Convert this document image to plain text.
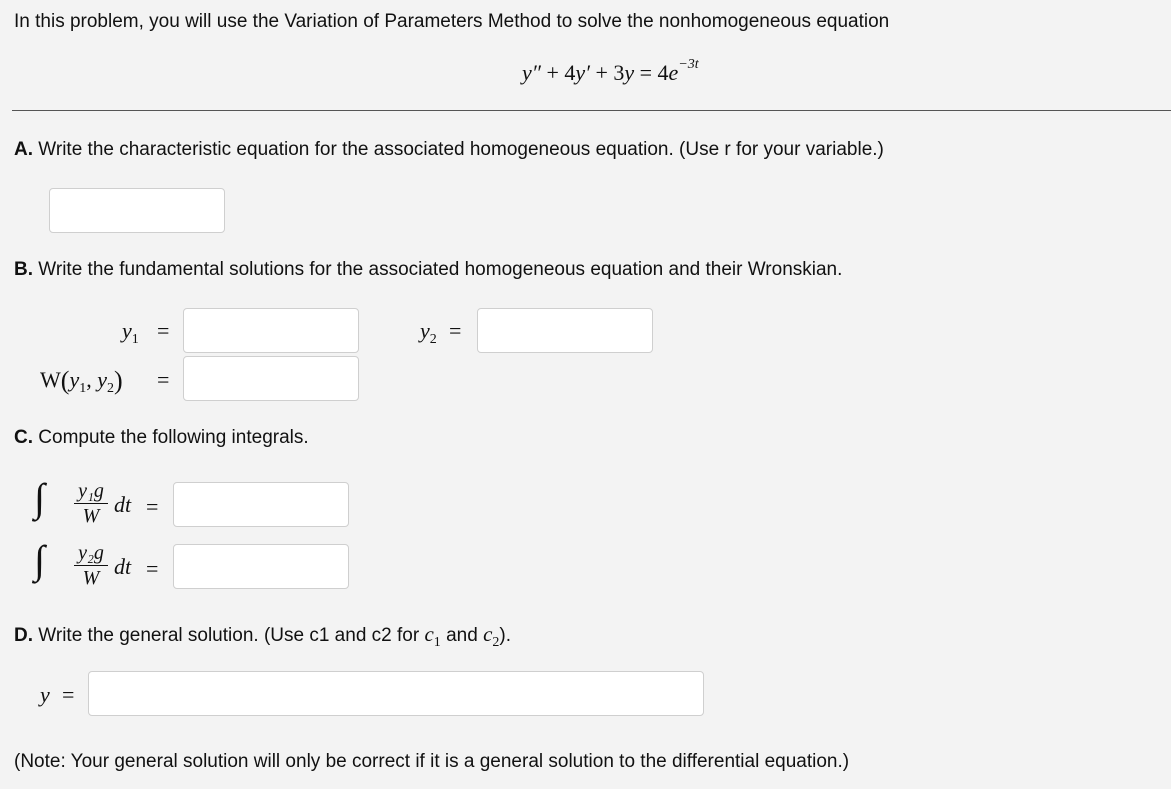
In this problem, you will use the Variation of Parameters Method to solve the nonhomogeneous equation
$y'' + 4y' + 3y = 4e^{-3t}$
A. Write the characteristic equation for the associated homogeneous equation. (Use r for your variable.)
B. Write the fundamental solutions for the associated homogeneous equation and their Wronskian.
$y_1$ =	$y_2$ =
$W(y_1$, $y_2$) =
C. Compute the following integrals.
∫ y₁g
W dt =
∫ y₂g
W dt =
D. Write the general solution. (Use c1 and c2 for $c_1$ and $c_2$).
y =
(Note: Your general solution will only be correct if it is a general solution to the differential equation.)
